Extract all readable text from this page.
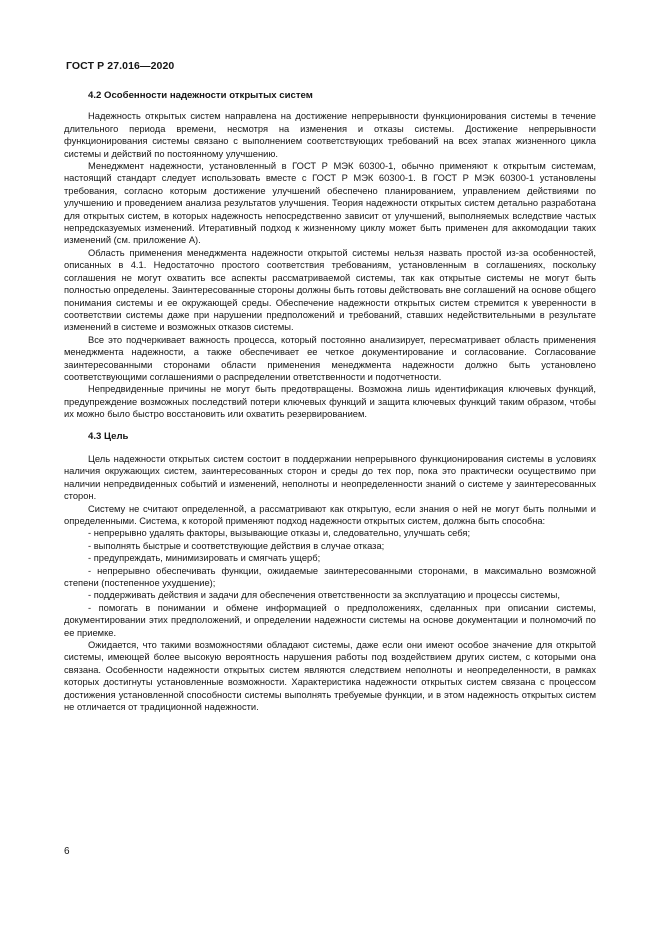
ГОСТ Р 27.016—2020
4.2 Особенности надежности открытых систем

Надежность открытых систем направлена на достижение непрерывности функционирования системы в течение длительного периода времени, несмотря на изменения и отказы системы. Достижение непрерывности функционирования системы связано с выполнением соответствующих требований на всех этапах жизненного цикла системы и действий по постоянному улучшению.

Менеджмент надежности, установленный в ГОСТ Р МЭК 60300-1, обычно применяют к открытым системам, настоящий стандарт следует использовать вместе с ГОСТ Р МЭК 60300-1. В ГОСТ Р МЭК 60300-1 установлены требования, согласно которым достижение улучшений обеспечено планированием, управлением действиями по улучшению и проведением анализа результатов улучшения. Теория надежности открытых систем детально разработана для открытых систем, в которых надежность непосредственно зависит от улучшений, выполняемых вследствие частых непредсказуемых изменений. Итеративный подход к жизненному циклу может быть применен для аккомодации таких изменений (см. приложение А).

Область применения менеджмента надежности открытой системы нельзя назвать простой из-за особенностей, описанных в 4.1. Недостаточно простого соответствия требованиям, установленным в соглашениях, поскольку соглашения не могут охватить все аспекты рассматриваемой системы, так как открытые системы не могут быть полностью определены. Заинтересованные стороны должны быть готовы действовать вне соглашений на основе общего понимания системы и ее окружающей среды. Обеспечение надежности открытых систем стремится к уверенности в соответствии системы даже при нарушении предположений и требований, ставших недействительными в результате изменений в системе и возможных отказов системы.

Все это подчеркивает важность процесса, который постоянно анализирует, пересматривает область применения менеджмента надежности, а также обеспечивает ее четкое документирование и согласование. Согласование заинтересованными сторонами области применения менеджмента надежности должно быть установлено соответствующими соглашениями о распределении ответственности и подотчетности.

Непредвиденные причины не могут быть предотвращены. Возможна лишь идентификация ключевых функций, предупреждение возможных последствий потери ключевых функций и защита ключевых функций таким образом, чтобы их можно было быстро восстановить или охватить резервированием.

4.3 Цель

Цель надежности открытых систем состоит в поддержании непрерывного функционирования системы в условиях наличия окружающих систем, заинтересованных сторон и среды до тех пор, пока это практически осуществимо при наличии непредвиденных событий и изменений, неполноты и неопределенности знаний о системе у заинтересованных сторон.

Систему не считают определенной, а рассматривают как открытую, если знания о ней не могут быть полными и определенными. Система, к которой применяют подход надежности открытых систем, должна быть способна:

- непрерывно удалять факторы, вызывающие отказы и, следовательно, улучшать себя;

- выполнять быстрые и соответствующие действия в случае отказа;

- предупреждать, минимизировать и смягчать ущерб;

- непрерывно обеспечивать функции, ожидаемые заинтересованными сторонами, в максимально возможной степени (постепенное ухудшение);

- поддерживать действия и задачи для обеспечения ответственности за эксплуатацию и процессы системы,

- помогать в понимании и обмене информацией о предположениях, сделанных при описании системы, документировании этих предположений, и определении надежности системы на основе документации и полномочий по ее приемке.

Ожидается, что такими возможностями обладают системы, даже если они имеют особое значение для открытой системы, имеющей более высокую вероятность нарушения работы под воздействием других систем, с которыми она связана. Особенности надежности открытых систем являются следствием неполноты и неопределенности, в рамках которых достигнуты установленные возможности. Характеристика надежности открытых систем связана с процессом достижения установленной способности системы выполнять требуемые функции, и в этом надежность открытых систем не отличается от традиционной надежности.

6
